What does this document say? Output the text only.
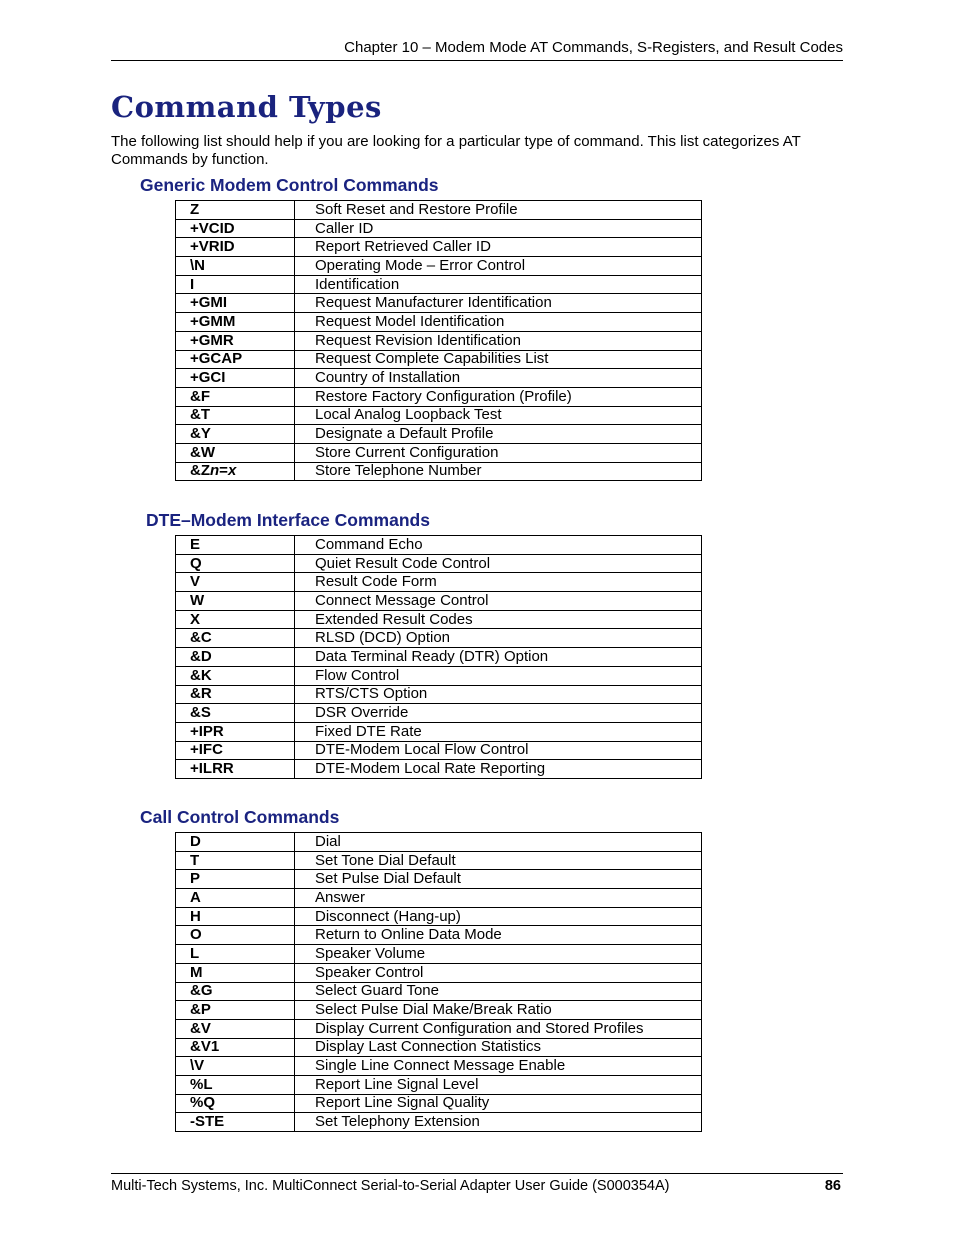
Chapter 10 – Modem Mode AT Commands, S-Registers, and Result Codes
Command Types
The following list should help if you are looking for a particular type of command. This list categorizes AT Commands by function.
Generic Modem Control Commands
Z	Soft Reset and Restore Profile
+VCID	Caller ID
+VRID	Report Retrieved Caller ID
\N	Operating Mode – Error Control
I	Identification
+GMI	Request Manufacturer Identification
+GMM	Request Model Identification
+GMR	Request Revision Identification
+GCAP	Request Complete Capabilities List
+GCI	Country of Installation
&F	Restore Factory Configuration (Profile)
&T	Local Analog Loopback Test
&Y	Designate a Default Profile
&W	Store Current Configuration
&Zn=x	Store Telephone Number
DTE–Modem Interface Commands
E	Command Echo
Q	Quiet Result Code Control
V	Result Code Form
W	Connect Message Control
X	Extended Result Codes
&C	RLSD (DCD) Option
&D	Data Terminal Ready (DTR) Option
&K	Flow Control
&R	RTS/CTS Option
&S	DSR Override
+IPR	Fixed DTE Rate
+IFC	DTE-Modem Local Flow Control
+ILRR	DTE-Modem Local Rate Reporting
Call Control Commands
D	Dial
T	Set Tone Dial Default
P	Set Pulse Dial Default
A	Answer
H	Disconnect (Hang-up)
O	Return to Online Data Mode
L	Speaker Volume
M	Speaker Control
&G	Select Guard Tone
&P	Select Pulse Dial Make/Break Ratio
&V	Display Current Configuration and Stored Profiles
&V1	Display Last Connection Statistics
\V	Single Line Connect Message Enable
%L	Report Line Signal Level
%Q	Report Line Signal Quality
-STE	Set Telephony Extension
Multi-Tech Systems, Inc. MultiConnect Serial-to-Serial Adapter User Guide (S000354A)	86
